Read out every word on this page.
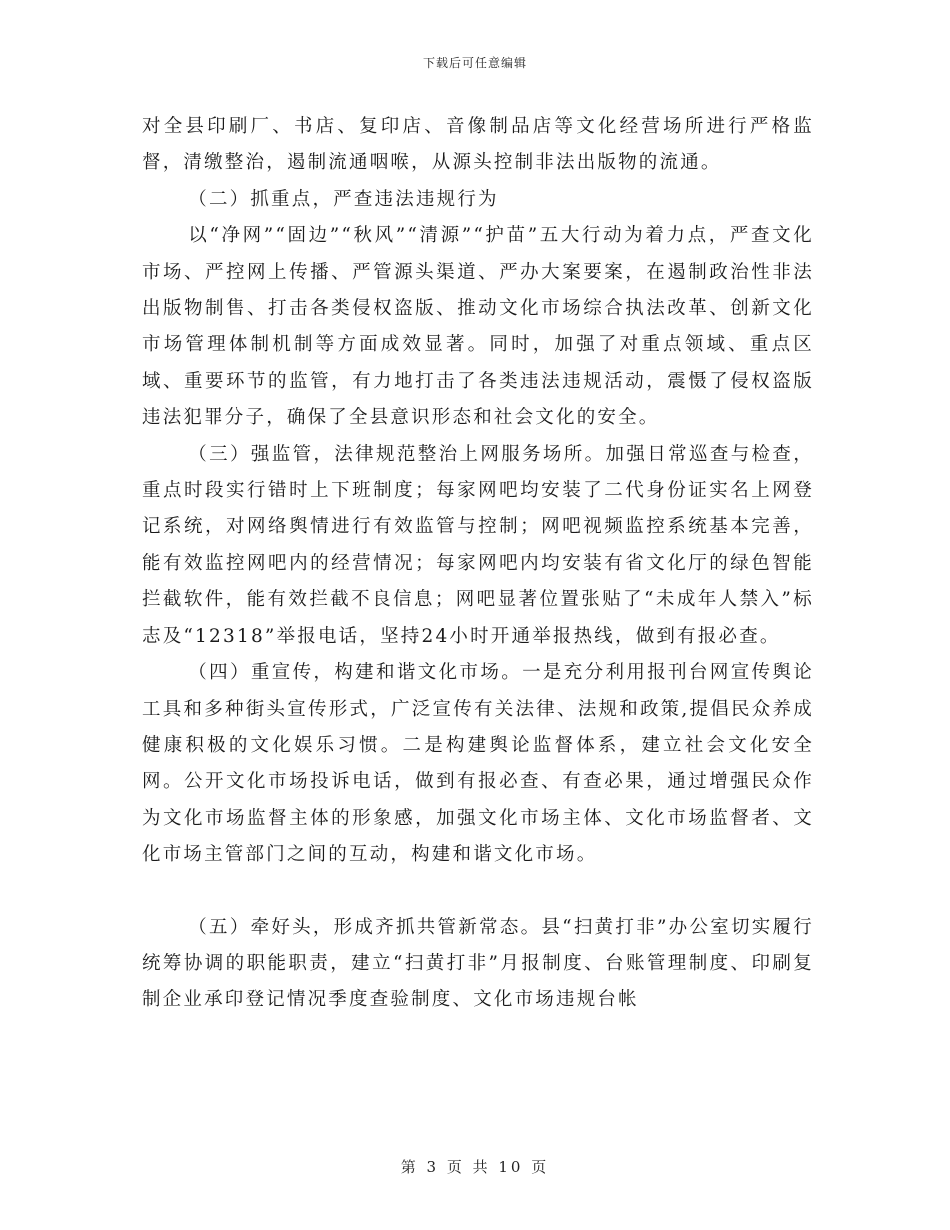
下载后可任意编辑

对全县印刷厂、书店、复印店、音像制品店等文化经营场所进行严格监督，清缴整治，遏制流通咽喉，从源头控制非法出版物的流通。

（二）抓重点，严查违法违规行为

以“净网”“固边”“秋风”“清源”“护苗”五大行动为着力点，严查文化市场、严控网上传播、严管源头渠道、严办大案要案，在遏制政治性非法出版物制售、打击各类侵权盗版、推动文化市场综合执法改革、创新文化市场管理体制机制等方面成效显著。同时，加强了对重点领域、重点区域、重要环节的监管，有力地打击了各类违法违规活动，震慑了侵权盗版违法犯罪分子，确保了全县意识形态和社会文化的安全。

（三）强监管，法律规范整治上网服务场所。加强日常巡查与检查，重点时段实行错时上下班制度；每家网吧均安装了二代身份证实名上网登记系统，对网络舆情进行有效监管与控制；网吧视频监控系统基本完善，能有效监控网吧内的经营情况；每家网吧内均安装有省文化厅的绿色智能拦截软件，能有效拦截不良信息；网吧显著位置张贴了“未成年人禁入”标志及“12318”举报电话，坚持24小时开通举报热线，做到有报必查。

（四）重宣传，构建和谐文化市场。一是充分利用报刊台网宣传舆论工具和多种街头宣传形式，广泛宣传有关法律、法规和政策,提倡民众养成健康积极的文化娱乐习惯。二是构建舆论监督体系，建立社会文化安全网。公开文化市场投诉电话，做到有报必查、有查必果，通过增强民众作为文化市场监督主体的形象感，加强文化市场主体、文化市场监督者、文化市场主管部门之间的互动，构建和谐文化市场。

（五）牵好头，形成齐抓共管新常态。县“扫黄打非”办公室切实履行统筹协调的职能职责，建立“扫黄打非”月报制度、台账管理制度、印刷复制企业承印登记情况季度查验制度、文化市场违规台帐

第 3 页 共 10 页
